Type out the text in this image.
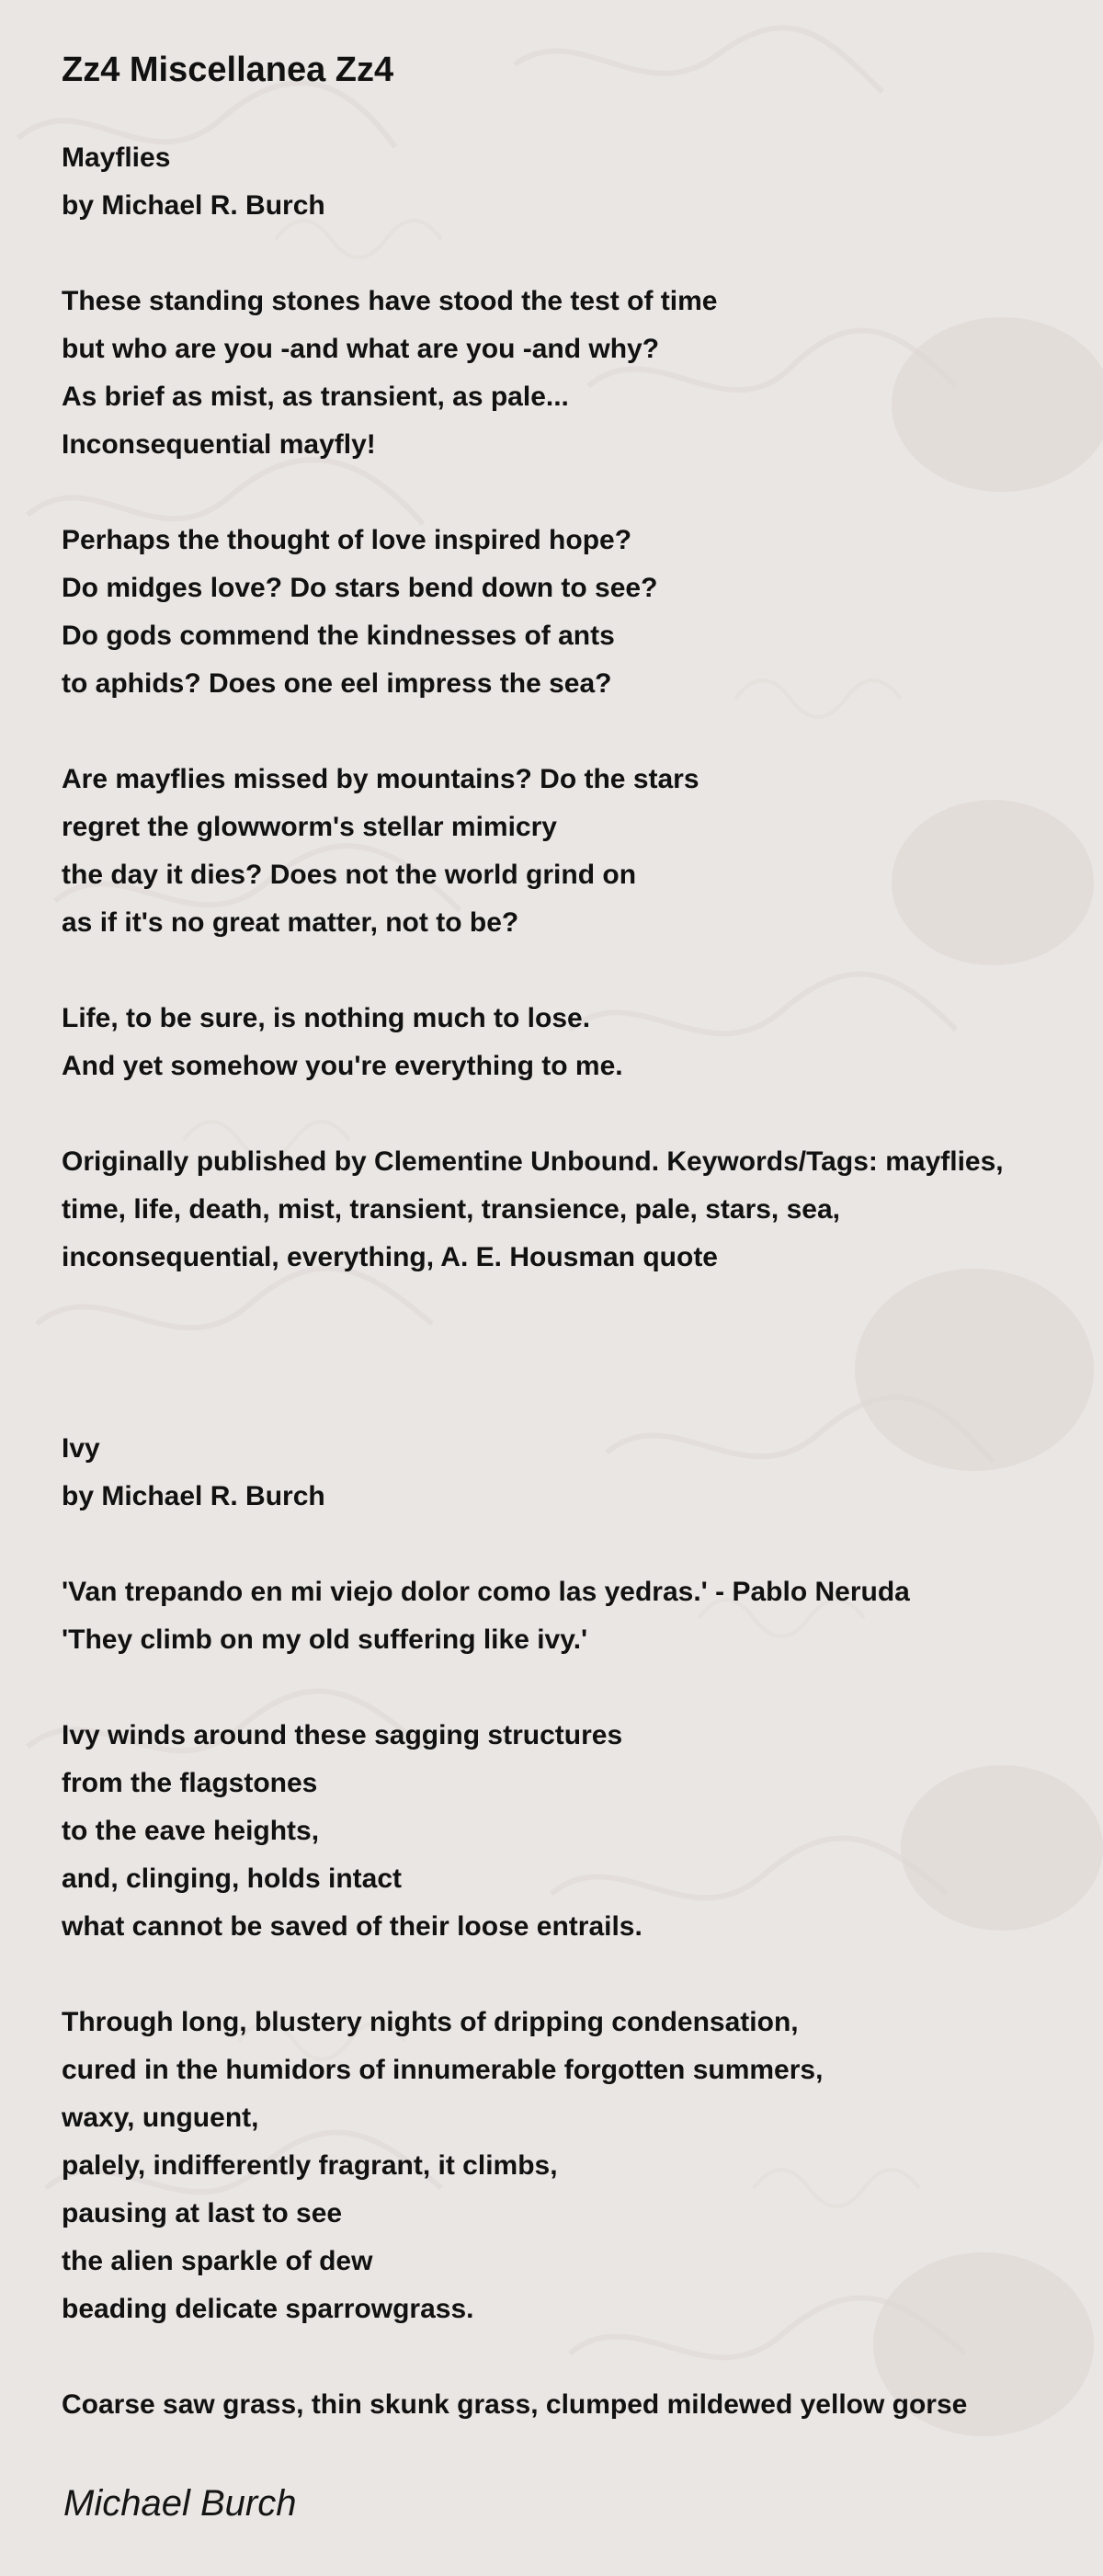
Zz4 Miscellanea Zz4
Mayflies
by Michael R. Burch
These standing stones have stood the test of time
but who are you -and what are you -and why?
As brief as mist, as transient, as pale...
Inconsequential mayfly!
Perhaps the thought of love inspired hope?
Do midges love? Do stars bend down to see?
Do gods commend the kindnesses of ants
to aphids? Does one eel impress the sea?
Are mayflies missed by mountains? Do the stars
regret the glowworm's stellar mimicry
the day it dies? Does not the world grind on
as if it's no great matter, not to be?
Life, to be sure, is nothing much to lose.
And yet somehow you're everything to me.
Originally published by Clementine Unbound. Keywords/Tags: mayflies,
time, life, death, mist, transient, transience, pale, stars, sea,
inconsequential, everything, A. E. Housman quote
Ivy
by Michael R. Burch
'Van trepando en mi viejo dolor como las yedras.' - Pablo Neruda
'They climb on my old suffering like ivy.'
Ivy winds around these sagging structures
from the flagstones
to the eave heights,
and, clinging, holds intact
what cannot be saved of their loose entrails.
Through long, blustery nights of dripping condensation,
cured in the humidors of innumerable forgotten summers,
waxy, unguent,
palely, indifferently fragrant, it climbs,
pausing at last to see
the alien sparkle of dew
beading delicate sparrowgrass.
Coarse saw grass, thin skunk grass, clumped mildewed yellow gorse
Michael Burch
